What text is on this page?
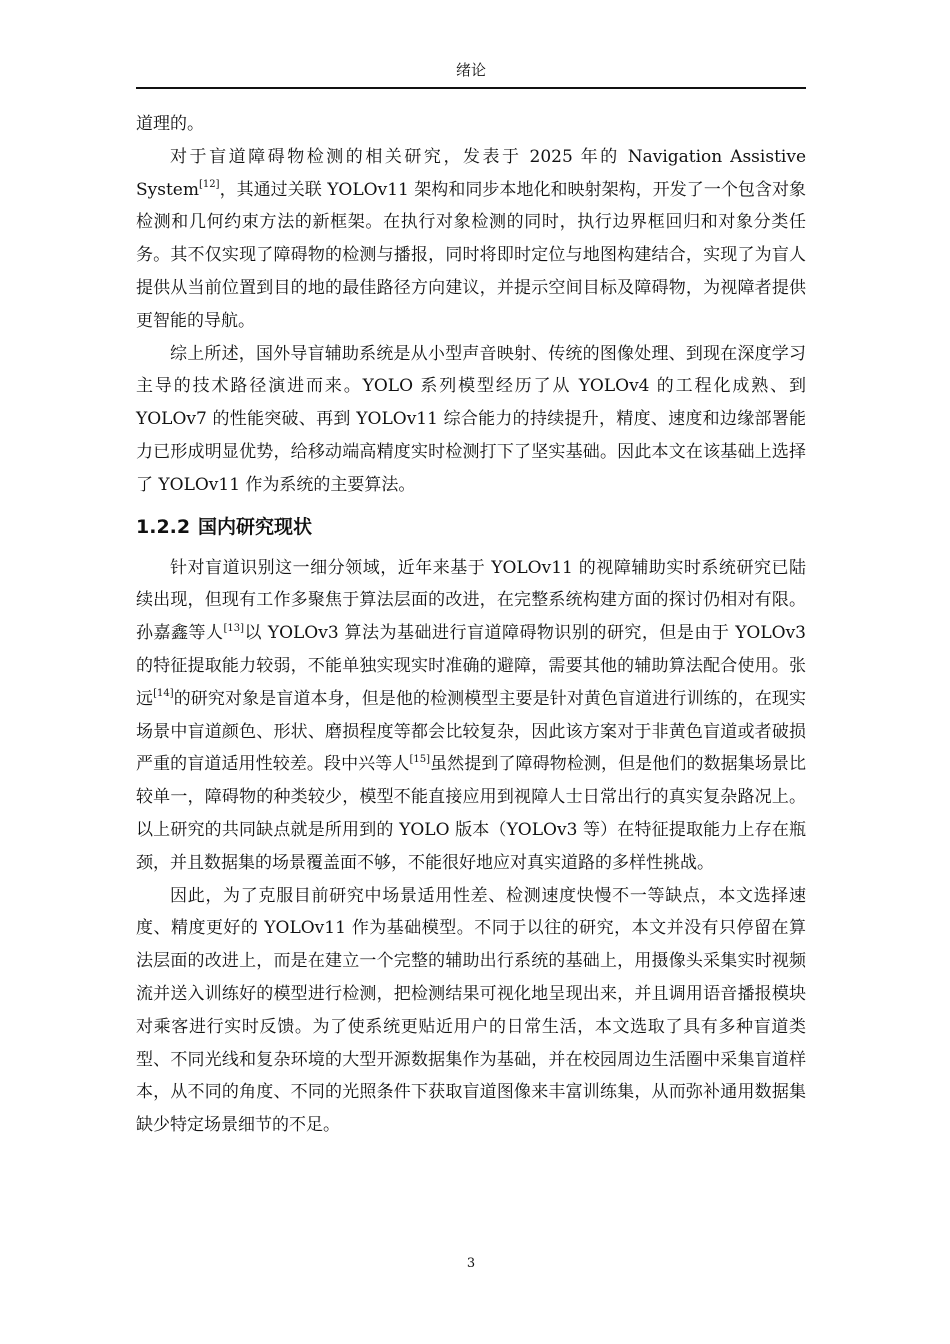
绪论

道理的。

对于盲道障碍物检测的相关研究，发表于 2025 年的 Navigation Assistive System[12]，其通过关联 YOLOv11 架构和同步本地化和映射架构，开发了一个包含对象检测和几何约束方法的新框架。在执行对象检测的同时，执行边界框回归和对象分类任务。其不仅实现了障碍物的检测与播报，同时将即时定位与地图构建结合，实现了为盲人提供从当前位置到目的地的最佳路径方向建议，并提示空间目标及障碍物，为视障者提供更智能的导航。

综上所述，国外导盲辅助系统是从小型声音映射、传统的图像处理、到现在深度学习主导的技术路径演进而来。YOLO 系列模型经历了从 YOLOv4 的工程化成熟、到 YOLOv7 的性能突破、再到 YOLOv11 综合能力的持续提升，精度、速度和边缘部署能力已形成明显优势，给移动端高精度实时检测打下了坚实基础。因此本文在该基础上选择了 YOLOv11 作为系统的主要算法。

1.2.2 国内研究现状

针对盲道识别这一细分领域，近年来基于 YOLOv11 的视障辅助实时系统研究已陆续出现，但现有工作多聚焦于算法层面的改进，在完整系统构建方面的探讨仍相对有限。孙嘉鑫等人[13]以 YOLOv3 算法为基础进行盲道障碍物识别的研究，但是由于 YOLOv3 的特征提取能力较弱，不能单独实现实时准确的避障，需要其他的辅助算法配合使用。张远[14]的研究对象是盲道本身，但是他的检测模型主要是针对黄色盲道进行训练的，在现实场景中盲道颜色、形状、磨损程度等都会比较复杂，因此该方案对于非黄色盲道或者破损严重的盲道适用性较差。段中兴等人[15]虽然提到了障碍物检测，但是他们的数据集场景比较单一，障碍物的种类较少，模型不能直接应用到视障人士日常出行的真实复杂路况上。以上研究的共同缺点就是所用到的 YOLO 版本（YOLOv3 等）在特征提取能力上存在瓶颈，并且数据集的场景覆盖面不够，不能很好地应对真实道路的多样性挑战。

因此，为了克服目前研究中场景适用性差、检测速度快慢不一等缺点，本文选择速度、精度更好的 YOLOv11 作为基础模型。不同于以往的研究，本文并没有只停留在算法层面的改进上，而是在建立一个完整的辅助出行系统的基础上，用摄像头采集实时视频流并送入训练好的模型进行检测，把检测结果可视化地呈现出来，并且调用语音播报模块对乘客进行实时反馈。为了使系统更贴近用户的日常生活，本文选取了具有多种盲道类型、不同光线和复杂环境的大型开源数据集作为基础，并在校园周边生活圈中采集盲道样本，从不同的角度、不同的光照条件下获取盲道图像来丰富训练集，从而弥补通用数据集缺少特定场景细节的不足。

3
